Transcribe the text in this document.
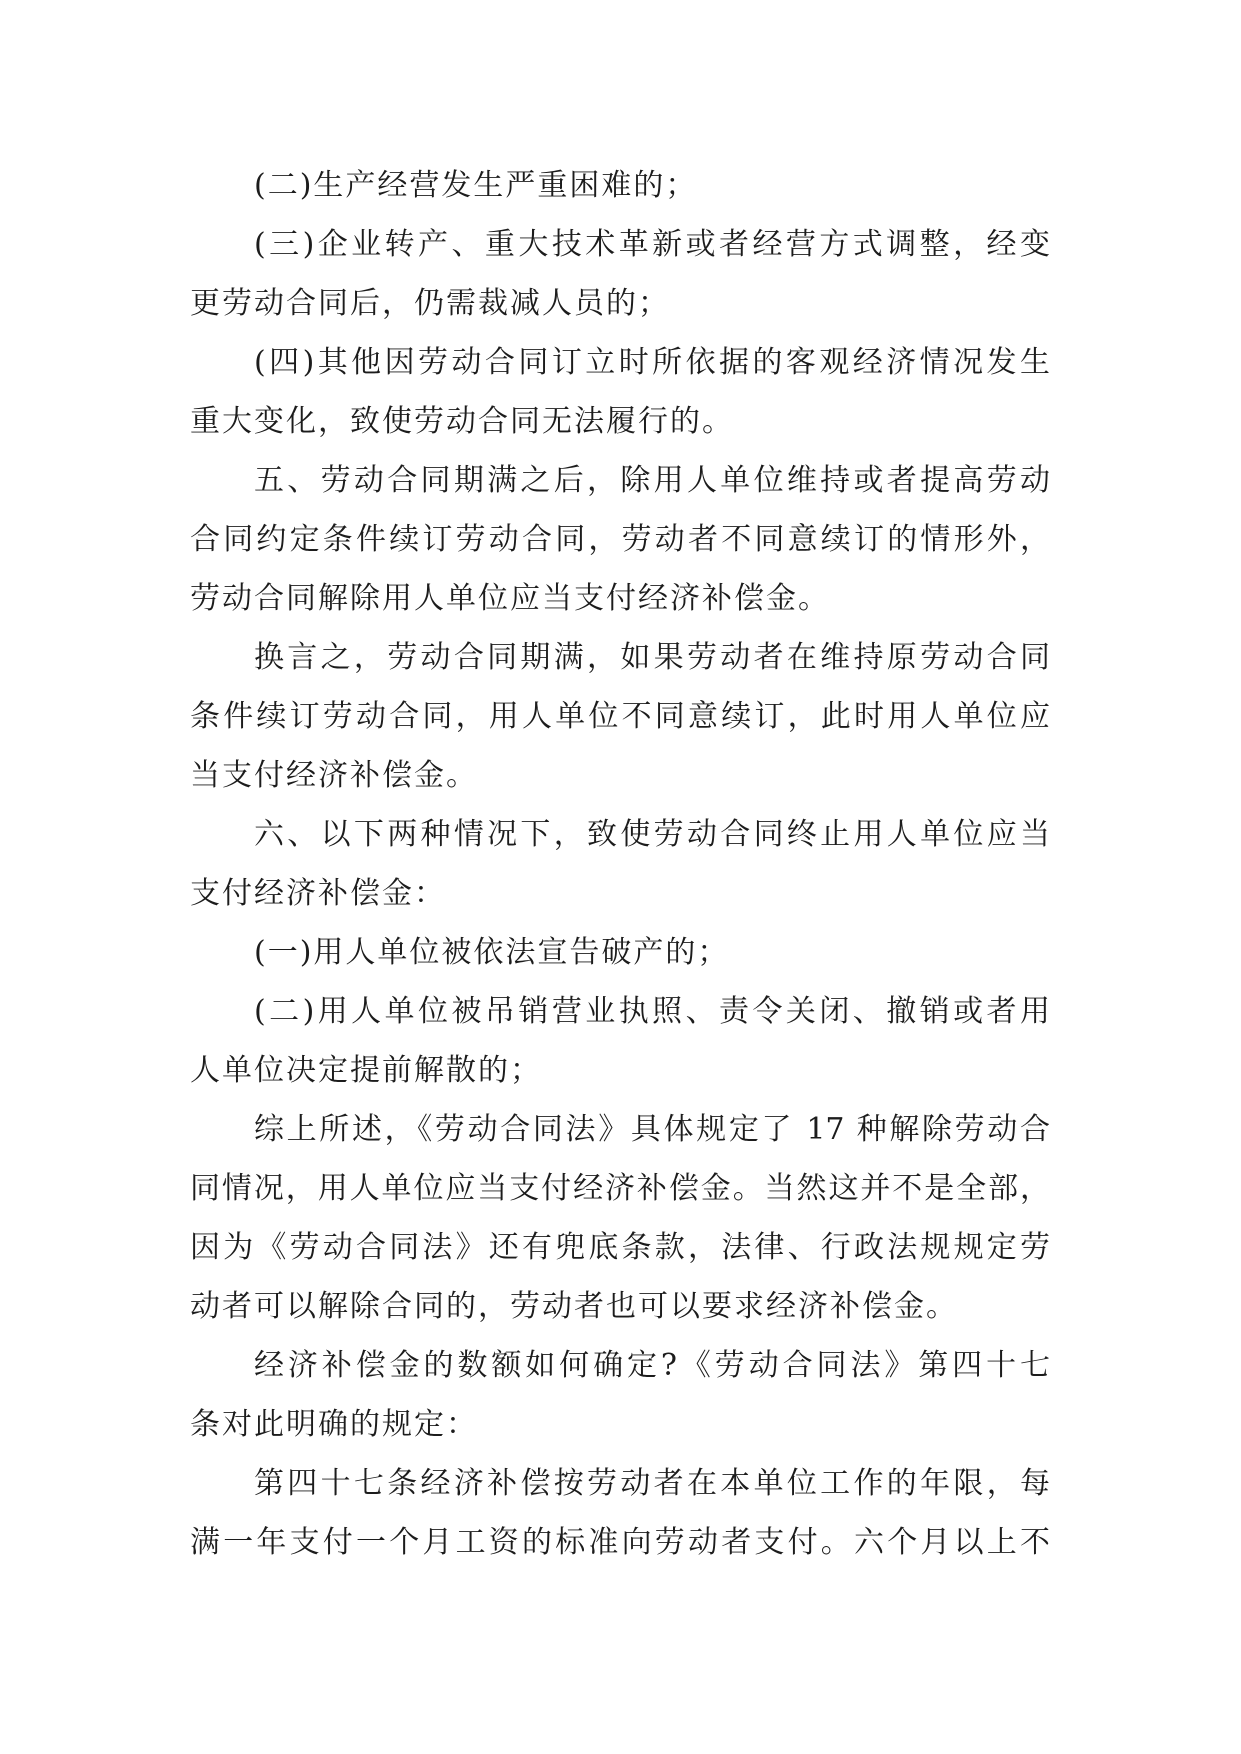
(二)生产经营发生严重困难的；
(三)企业转产、重大技术革新或者经营方式调整，经变
更劳动合同后，仍需裁减人员的；
(四)其他因劳动合同订立时所依据的客观经济情况发生
重大变化，致使劳动合同无法履行的。
五、劳动合同期满之后，除用人单位维持或者提高劳动
合同约定条件续订劳动合同，劳动者不同意续订的情形外，
劳动合同解除用人单位应当支付经济补偿金。
换言之，劳动合同期满，如果劳动者在维持原劳动合同
条件续订劳动合同，用人单位不同意续订，此时用人单位应
当支付经济补偿金。
六、以下两种情况下，致使劳动合同终止用人单位应当
支付经济补偿金：
(一)用人单位被依法宣告破产的；
(二)用人单位被吊销营业执照、责令关闭、撤销或者用
人单位决定提前解散的；
综上所述，《劳动合同法》具体规定了 17 种解除劳动合
同情况，用人单位应当支付经济补偿金。当然这并不是全部，
因为《劳动合同法》还有兜底条款，法律、行政法规规定劳
动者可以解除合同的，劳动者也可以要求经济补偿金。
经济补偿金的数额如何确定?《劳动合同法》第四十七
条对此明确的规定：
第四十七条经济补偿按劳动者在本单位工作的年限，每
满一年支付一个月工资的标准向劳动者支付。六个月以上不
